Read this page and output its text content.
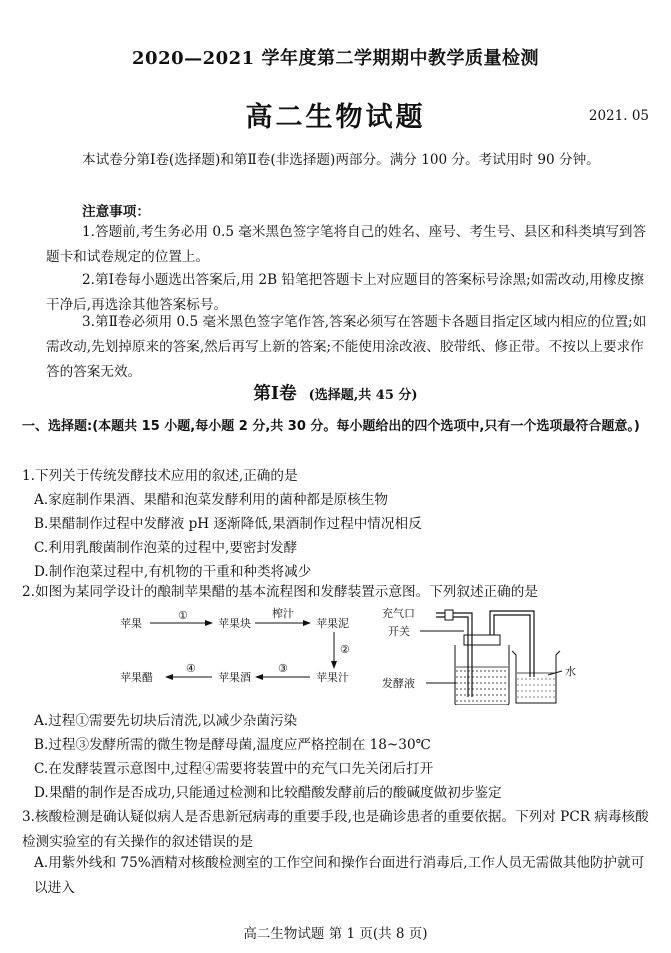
2020—2021 学年度第二学期期中教学质量检测
高二生物试题	2021. 05
本试卷分第Ⅰ卷(选择题)和第Ⅱ卷(非选择题)两部分。满分 100 分。考试用时 90 分钟。
注意事项：
1.答题前,考生务必用 0.5 毫米黑色签字笔将自己的姓名、座号、考生号、县区和科类填写到答题卡和试卷规定的位置上。
2.第Ⅰ卷每小题选出答案后,用 2B 铅笔把答题卡上对应题目的答案标号涂黑;如需改动,用橡皮擦干净后,再选涂其他答案标号。
3.第Ⅱ卷必须用 0.5 毫米黑色签字笔作答,答案必须写在答题卡各题目指定区域内相应的位置;如需改动,先划掉原来的答案,然后再写上新的答案;不能使用涂改液、胶带纸、修正带。不按以上要求作答的答案无效。
第Ⅰ卷 (选择题,共 45 分)
一、选择题:(本题共 15 小题,每小题 2 分,共 30 分。每小题给出的四个选项中,只有一个选项最符合题意。)
1.下列关于传统发酵技术应用的叙述,正确的是
A.家庭制作果酒、果醋和泡菜发酵利用的菌种都是原核生物
B.果醋制作过程中发酵液 pH 逐渐降低,果酒制作过程中情况相反
C.利用乳酸菌制作泡菜的过程中,要密封发酵
D.制作泡菜过程中,有机物的干重和种类将减少
2.如图为某同学设计的酿制苹果醋的基本流程图和发酵装置示意图。下列叙述正确的是
苹果
①
苹果块
榨汁
苹果泥
②
苹果汁
③
苹果酒
④
苹果醋
充气口
开关
发酵液
水
A.过程①需要先切块后清洗,以减少杂菌污染
B.过程③发酵所需的微生物是酵母菌,温度应严格控制在 18~30℃
C.在发酵装置示意图中,过程④需要将装置中的充气口先关闭后打开
D.果醋的制作是否成功,只能通过检测和比较醋酸发酵前后的酸碱度做初步鉴定
3.核酸检测是确认疑似病人是否患新冠病毒的重要手段,也是确诊患者的重要依据。下列对 PCR 病毒核酸检测实验室的有关操作的叙述错误的是
A.用紫外线和 75%酒精对核酸检测室的工作空间和操作台面进行消毒后,工作人员无需做其他防护就可以进入
高二生物试题 第 1 页(共 8 页)
